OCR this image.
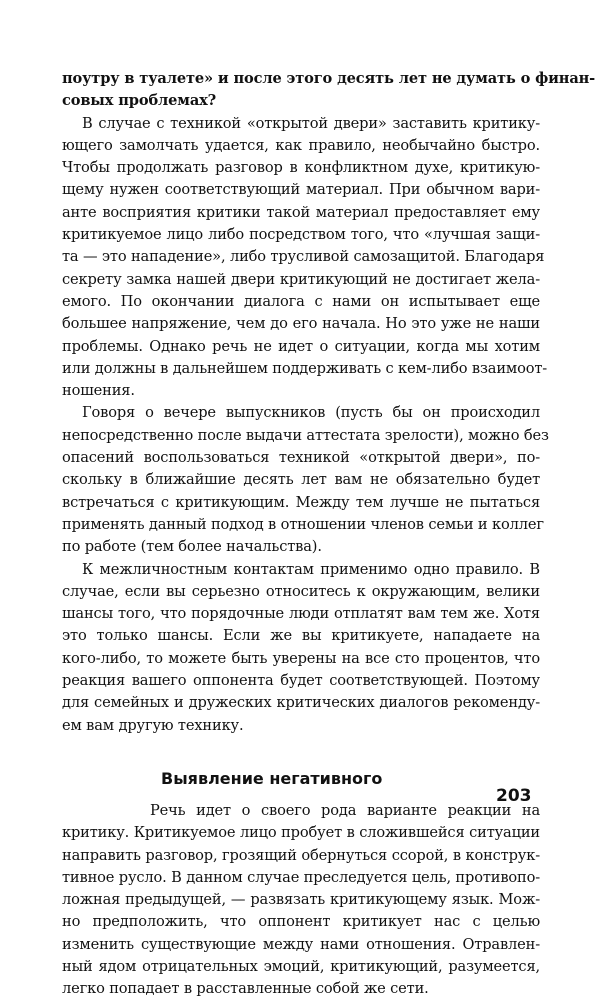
поутру в туалете» и после этого десять лет не думать о финан-
совых проблемах?
В случае с техникой «открытой двери» заставить критику-
ющего замолчать удается, как правило, необычайно быстро.
Чтобы продолжать разговор в конфликтном духе, критикую-
щему нужен соответствующий материал. При обычном вари-
анте восприятия критики такой материал предоставляет ему
критикуемое лицо либо посредством того, что «лучшая защи-
та — это нападение», либо трусливой самозащитой. Благодаря
секрету замка нашей двери критикующий не достигает жела-
емого. По окончании диалога с нами он испытывает еще
большее напряжение, чем до его начала. Но это уже не наши
проблемы. Однако речь не идет о ситуации, когда мы хотим
или должны в дальнейшем поддерживать с кем-либо взаимоот-
ношения.
Говоря о вечере выпускников (пусть бы он происходил
непосредственно после выдачи аттестата зрелости), можно без
опасений воспользоваться техникой «открытой двери», по-
скольку в ближайшие десять лет вам не обязательно будет
встречаться с критикующим. Между тем лучше не пытаться
применять данный подход в отношении членов семьи и коллег
по работе (тем более начальства).
К межличностным контактам применимо одно правило. В
случае, если вы серьезно относитесь к окружающим, велики
шансы того, что порядочные люди отплатят вам тем же. Хотя
это только шансы. Если же вы критикуете, нападаете на
кого-либо, то можете быть уверены на все сто процентов, что
реакция вашего оппонента будет соответствующей. Поэтому
для семейных и дружеских критических диалогов рекоменду-
ем вам другую технику.
Выявление негативного
Речь идет о своего рода варианте реакции на
критику. Критикуемое лицо пробует в сложившейся ситуации
направить разговор, грозящий обернуться ссорой, в конструк-
тивное русло. В данном случае преследуется цель, противопо-
ложная предыдущей, — развязать критикующему язык. Мож-
но предположить, что оппонент критикует нас с целью
изменить существующие между нами отношения. Отравлен-
ный ядом отрицательных эмоций, критикующий, разумеется,
легко попадает в расставленные собой же сети.
203
